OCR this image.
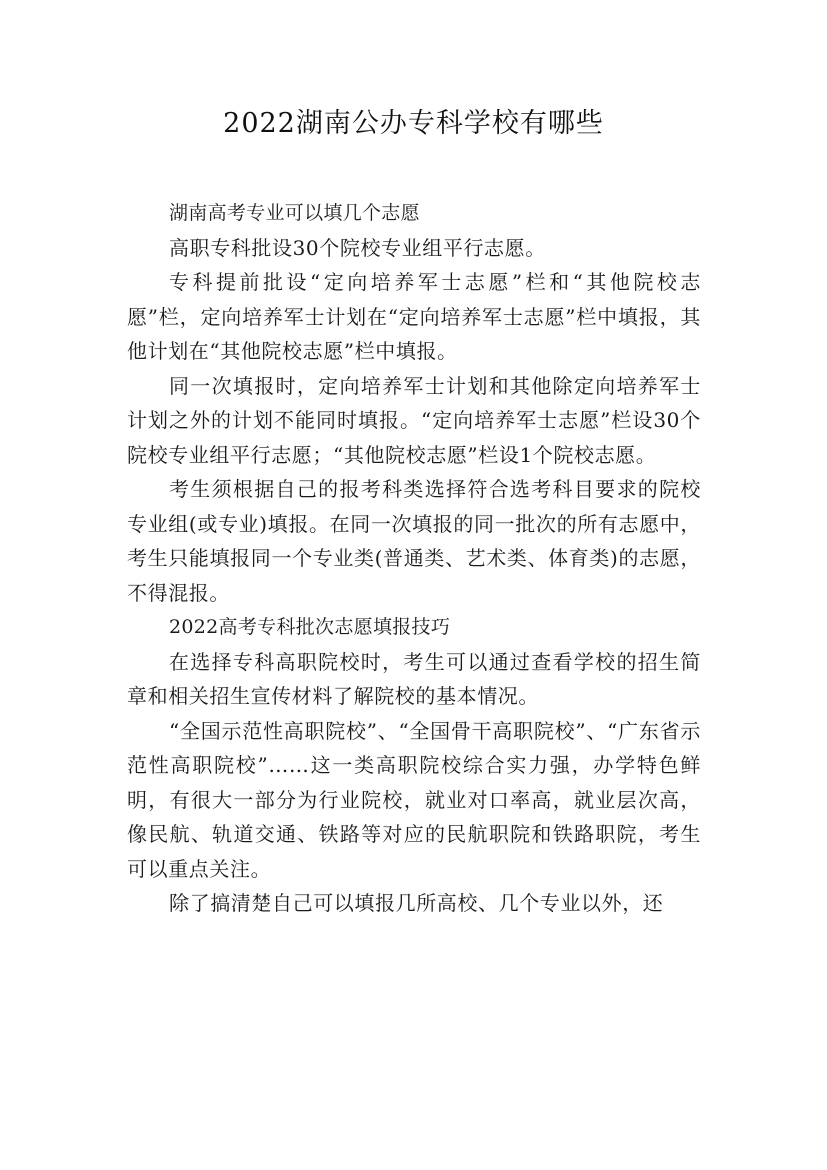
2022湖南公办专科学校有哪些

湖南高考专业可以填几个志愿

高职专科批设30个院校专业组平行志愿。

专科提前批设“定向培养军士志愿”栏和“其他院校志愿”栏，定向培养军士计划在“定向培养军士志愿”栏中填报，其他计划在“其他院校志愿”栏中填报。

同一次填报时，定向培养军士计划和其他除定向培养军士计划之外的计划不能同时填报。“定向培养军士志愿”栏设30个院校专业组平行志愿；“其他院校志愿”栏设1个院校志愿。

考生须根据自己的报考科类选择符合选考科目要求的院校专业组(或专业)填报。在同一次填报的同一批次的所有志愿中，考生只能填报同一个专业类(普通类、艺术类、体育类)的志愿，不得混报。

2022高考专科批次志愿填报技巧

在选择专科高职院校时，考生可以通过查看学校的招生简章和相关招生宣传材料了解院校的基本情况。

“全国示范性高职院校”、“全国骨干高职院校”、“广东省示范性高职院校”……这一类高职院校综合实力强，办学特色鲜明，有很大一部分为行业院校，就业对口率高，就业层次高，像民航、轨道交通、铁路等对应的民航职院和铁路职院，考生可以重点关注。

除了搞清楚自己可以填报几所高校、几个专业以外，还
